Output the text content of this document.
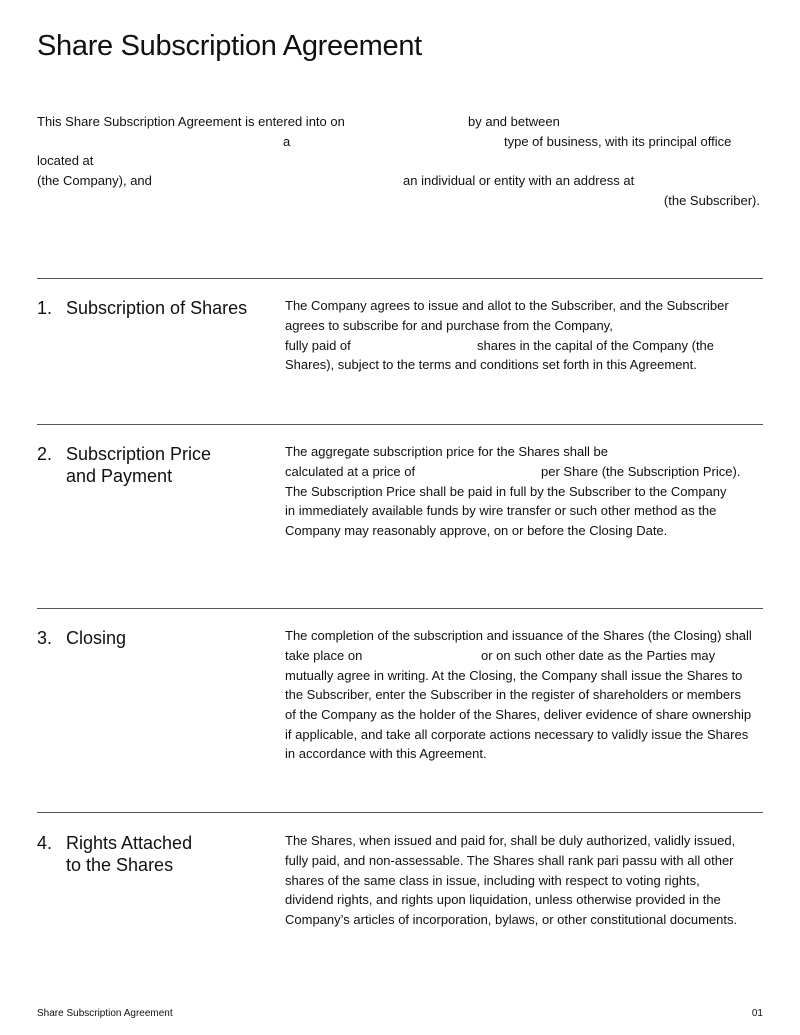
Share Subscription Agreement
This Share Subscription Agreement is entered into on	by and between
a	type of business, with its principal office
located at
(the Company), and	an individual or entity with an address at
(the Subscriber).
1. Subscription of Shares	The Company agrees to issue and allot to the Subscriber, and the Subscriber
agrees to subscribe for and purchase from the Company,
fully paid of	shares in the capital of the Company (the
Shares), subject to the terms and conditions set forth in this Agreement.
2. Subscription Price
and Payment
The aggregate subscription price for the Shares shall be
calculated at a price of	per Share (the Subscription Price).
The Subscription Price shall be paid in full by the Subscriber to the Company
in immediately available funds by wire transfer or such other method as the
Company may reasonably approve, on or before the Closing Date.
3. Closing	The completion of the subscription and issuance of the Shares (the Closing) shall
take place on	or on such other date as the Parties may
mutually agree in writing. At the Closing, the Company shall issue the Shares to
the Subscriber, enter the Subscriber in the register of shareholders or members
of the Company as the holder of the Shares, deliver evidence of share ownership
if applicable, and take all corporate actions necessary to validly issue the Shares
in accordance with this Agreement.
4. Rights Attached
to the Shares
The Shares, when issued and paid for, shall be duly authorized, validly issued,
fully paid, and non-assessable. The Shares shall rank pari passu with all other
shares of the same class in issue, including with respect to voting rights,
dividend rights, and rights upon liquidation, unless otherwise provided in the
Company’s articles of incorporation, bylaws, or other constitutional documents.
Share Subscription Agreement	01
